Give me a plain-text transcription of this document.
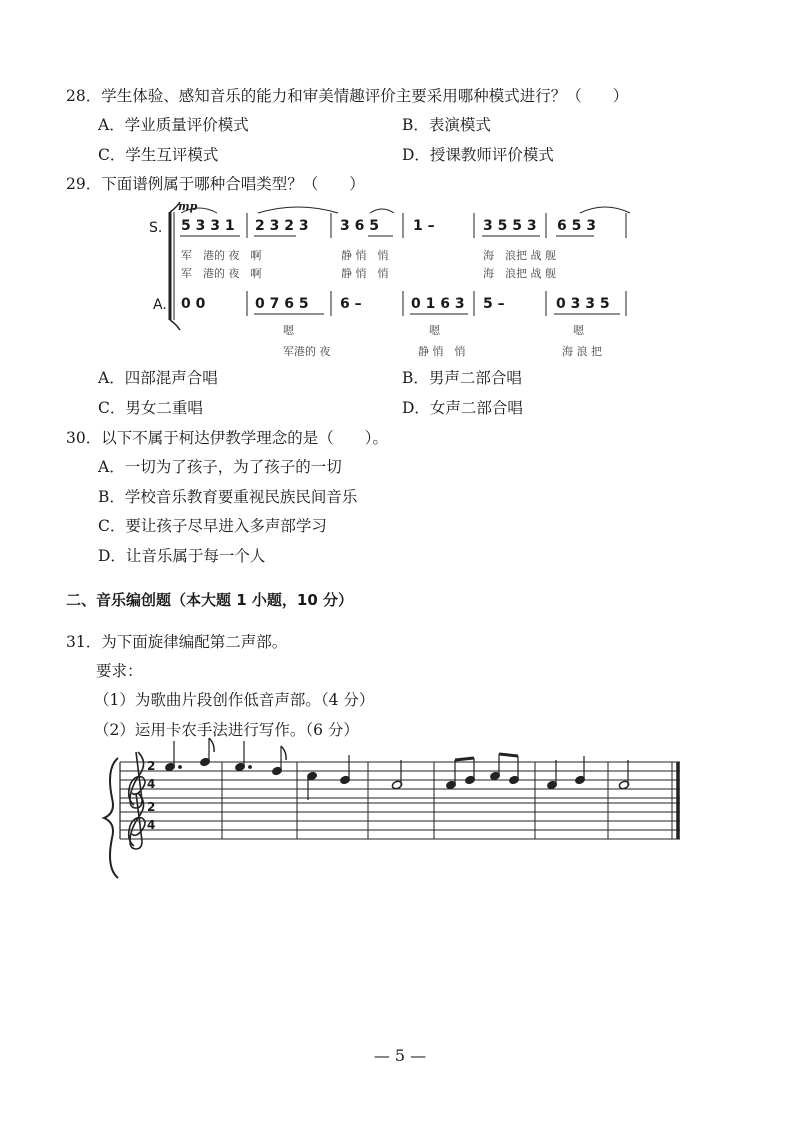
28．学生体验、感知音乐的能力和审美情趣评价主要采用哪种模式进行？（　　）
A．学业质量评价模式	B．表演模式
C．学生互评模式	D．授课教师评价模式
29．下面谱例属于哪种合唱类型？（　　）
mp
S.
A.
5 3 3 1 2 3 2 3 3 6 5 1 –	3 5 5 3 6 5 3
军　港的 夜　啊	静 悄　悄	海　浪把 战 舰
军　港的 夜　啊	静 悄　悄	海　浪把 战 舰
0 0	0 7 6 5 6 –	0 1 6 3 5 –	0 3 3 5
嗯	嗯	嗯
军港的 夜	静 悄　悄	海 浪 把
A．四部混声合唱	B．男声二部合唱
C．男女二重唱	D．女声二部合唱
30．以下不属于柯达伊教学理念的是（　　）。
A．一切为了孩子，为了孩子的一切
B．学校音乐教育要重视民族民间音乐
C．要让孩子尽早进入多声部学习
D．让音乐属于每一个人
二、音乐编创题（本大题 1 小题，10 分）
31．为下面旋律编配第二声部。
要求：
（1）为歌曲片段创作低音声部。（4 分）
（2）运用卡农手法进行写作。（6 分）
2
4
2
4
— 5 —
